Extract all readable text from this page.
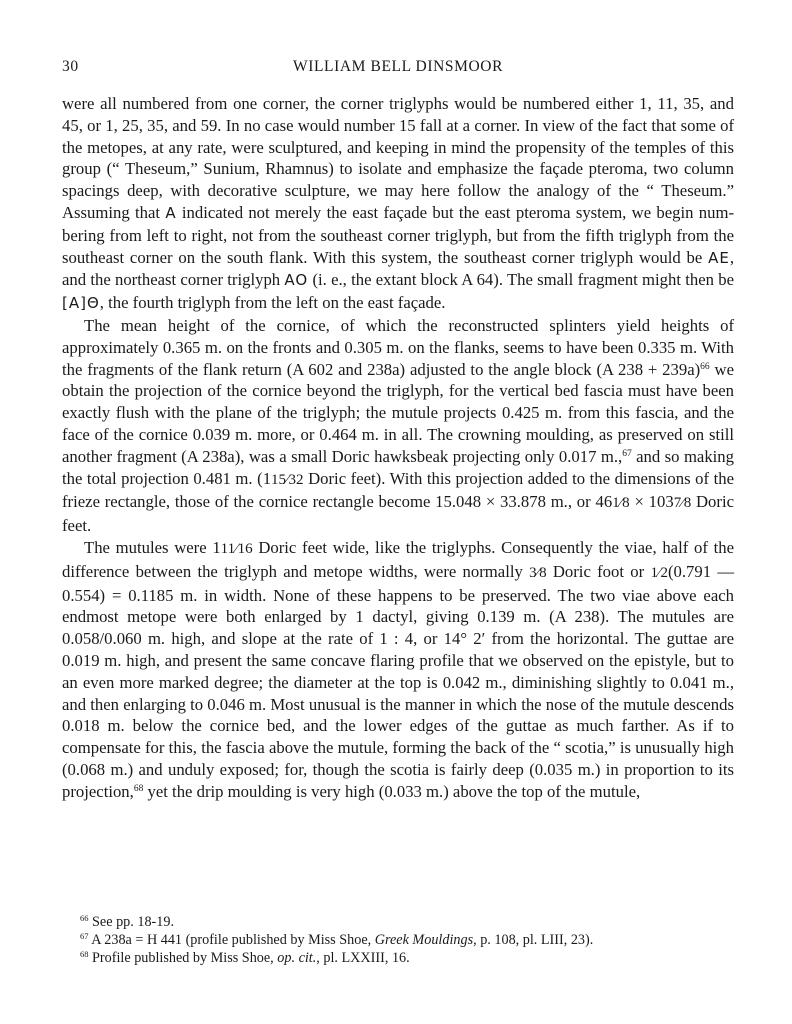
30	WILLIAM BELL DINSMOOR

were all numbered from one corner, the corner triglyphs would be numbered either 1, 11, 35, and 45, or 1, 25, 35, and 59. In no case would number 15 fall at a corner. In view of the fact that some of the metopes, at any rate, were sculptured, and keeping in mind the propensity of the temples of this group (“ Theseum,” Sunium, Rhamnus) to isolate and emphasize the façade pteroma, two column spacings deep, with decorative sculpture, we may here follow the analogy of the “ Theseum.” Assuming that A indicated not merely the east façade but the east pteroma system, we begin numbering from left to right, not from the southeast corner triglyph, but from the fifth triglyph from the southeast corner on the south flank. With this system, the southeast corner triglyph would be AE, and the northeast corner triglyph AO (i. e., the extant block A 64). The small fragment might then be [A]Θ, the fourth triglyph from the left on the east façade.

The mean height of the cornice, of which the reconstructed splinters yield heights of approximately 0.365 m. on the fronts and 0.305 m. on the flanks, seems to have been 0.335 m. With the fragments of the flank return (A 602 and 238a) adjusted to the angle block (A 238 + 239a)$^{66}$ we obtain the projection of the cornice beyond the triglyph, for the vertical bed fascia must have been exactly flush with the plane of the triglyph; the mutule projects 0.425 m. from this fascia, and the face of the cornice 0.039 m. more, or 0.464 m. in all. The crowning moulding, as preserved on still another fragment (A 238a), was a small Doric hawksbeak projecting only 0.017 m.,$^{67}$ and so making the total projection 0.481 m. (115⁄32 Doric feet). With this projection added to the dimensions of the frieze rectangle, those of the cornice rectangle become 15.048 × 33.878 m., or 461⁄8 × 1037⁄8 Doric feet.

The mutules were 111⁄16 Doric feet wide, like the triglyphs. Consequently the viae, half of the difference between the triglyph and metope widths, were normally 3⁄8 Doric foot or 1⁄2(0.791 — 0.554) = 0.1185 m. in width. None of these happens to be preserved. The two viae above each endmost metope were both enlarged by 1 dactyl, giving 0.139 m. (A 238). The mutules are 0.058/0.060 m. high, and slope at the rate of 1 : 4, or 14° 2′ from the horizontal. The guttae are 0.019 m. high, and present the same concave flaring profile that we observed on the epistyle, but to an even more marked degree; the diameter at the top is 0.042 m., diminishing slightly to 0.041 m., and then enlarging to 0.046 m. Most unusual is the manner in which the nose of the mutule descends 0.018 m. below the cornice bed, and the lower edges of the guttae as much farther. As if to compensate for this, the fascia above the mutule, forming the back of the “ scotia,” is unusually high (0.068 m.) and unduly exposed; for, though the scotia is fairly deep (0.035 m.) in proportion to its projection,$^{68}$ yet the drip moulding is very high (0.033 m.) above the top of the mutule,

$^{66}$ See pp. 18-19.
$^{67}$ A 238a = H 441 (profile published by Miss Shoe, Greek Mouldings, p. 108, pl. LIII, 23).
$^{68}$ Profile published by Miss Shoe, op. cit., pl. LXXIII, 16.
